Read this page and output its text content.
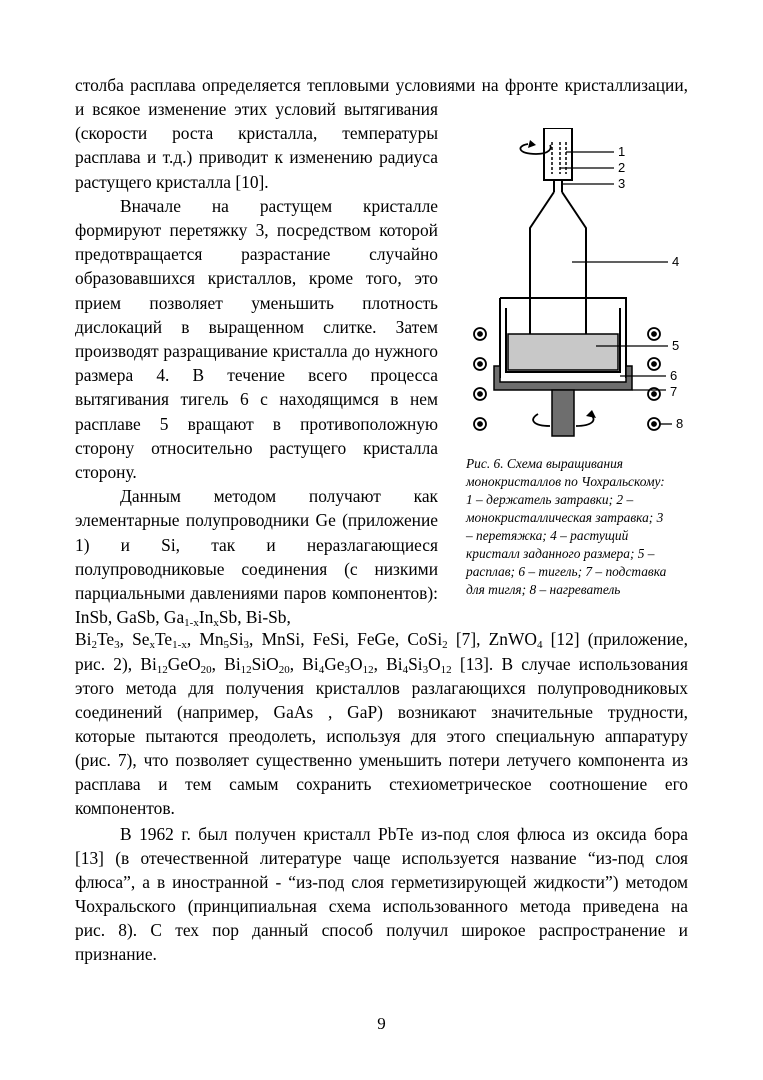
столба расплава определяется тепловыми условиями на фронте кристаллизации,

и всякое изменение этих условий вытягивания (скорости роста кристалла, температуры расплава и т.д.) приводит к изменению радиуса растущего кристалла [10].

Вначале на растущем кристалле формируют перетяжку 3, посредством которой предотвращается разрастание случайно образовавшихся кристаллов, кроме того, это прием позволяет уменьшить плотность дислокаций в выращенном слитке. Затем производят разращивание кристалла до нужного размера 4. В течение всего процесса вытягивания тигель 6 с находящимся в нем расплаве 5 вращают в противоположную сторону относительно растущего кристалла сторону.

Данным методом получают как элементарные полупроводники Ge (приложение 1) и Si, так и неразлагающиеся полупроводниковые соединения (с низкими парциальными давлениями паров компонентов): InSb, GaSb, $Ga_{1-x}In_xSb$, Bi-Sb,

1
2
3
4
5
6
7
8
Рис. 6. Схема выращивания
монокристаллов по Чохральскому:
1 – держатель затравки; 2 –
монокристаллическая затравка; 3
– перетяжка; 4 – растущий
кристалл заданного размера; 5 –
расплав; 6 – тигель; 7 – подставка
для тигля; 8 – нагреватель
$Bi_2Te_3$, $Se_xTe_{1-x}$, $Mn_5Si_3$, MnSi, FeSi, FeGe, CoSi$_2$ [7], ZnWO$_4$ [12] (приложение,
рис. 2), $Bi_{12}GeO_{20}$, $Bi_{12}SiO_{20}$, $Bi_4Ge_3O_{12}$, $Bi_4Si_3O_{12}$ [13]. В случае использования
этого метода для получения кристаллов разлагающихся полупроводниковых
соединений (например, GaAs , GaP) возникают значительные трудности,
которые пытаются преодолеть, используя для этого специальную аппаратуру
(рис. 7), что позволяет существенно уменьшить потери летучего компонента из
расплава и тем самым сохранить стехиометрическое соотношение его
компонентов.
В 1962 г. был получен кристалл PbTe из-под слоя флюса из оксида бора
[13] (в отечественной литературе чаще используется название “из-под слоя
флюса”, а в иностранной - “из-под слоя герметизирующей жидкости”) методом
Чохральского (принципиальная схема использованного метода приведена на
рис. 8). С тех пор данный способ получил широкое распространение и
признание.
9
